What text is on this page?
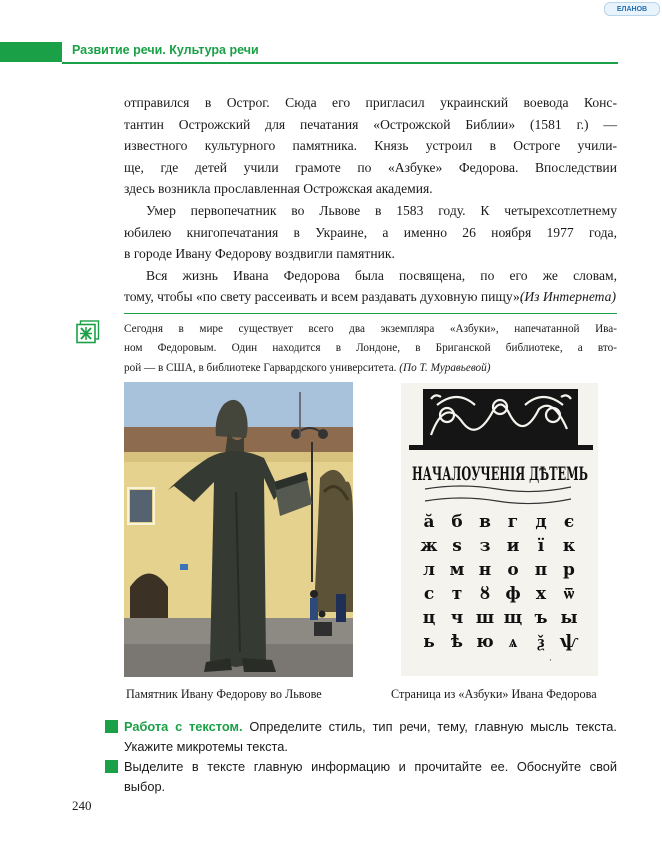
ЕЛАНОВ
Развитие речи. Культура речи

отправился в Острог. Сюда его пригласил украинский воевода Конс-

тантин Острожский для печатания «Острожской Библии» (1581 г.) —

известного культурного памятника. Князь устроил в Остроге учили-

ще, где детей учили грамоте по «Азбуке» Федорова. Впоследствии

здесь возникла прославленная Острожская академия.

Умер первопечатник во Львове в 1583 году. К четырехсотлетнему

юбилею книгопечатания в Украине, а именно 26 ноября 1977 года,

в городе Ивану Федорову воздвигли памятник.

Вся жизнь Ивана Федорова была посвящена, по его же словам,

тому, чтобы «по свету рассеивать и всем раздавать духовную пищу».

(Из Интернета)

Сегодня в мире существует всего два экземпляра «Азбуки», напечатанной Ива-

ном Федоровым. Один находится в Лондоне, в Бриганской библиотеке, а вто-

рой — в США, в библиотеке Гарвардского университета. (По Т. Муравьевой)

НАЧАЛОУЧЕНІЯ ДѢТЕМЬ
ӑ б в г д є
ж ѕ з и ї к
л м н о п р
с т ȣ ф х ѿ
ц ч ш щ ъ ы
ь ѣ ю ѧ ѯ ѱ
·
Памятник Ивану Федорову во Львове	Страница из «Азбуки» Ивана Федорова

Работа с текстом. Определите стиль, тип речи, тему, главную мысль текста.

Укажите микротемы текста.

Выделите в тексте главную информацию и прочитайте ее. Обоснуйте свой

выбор.

240
